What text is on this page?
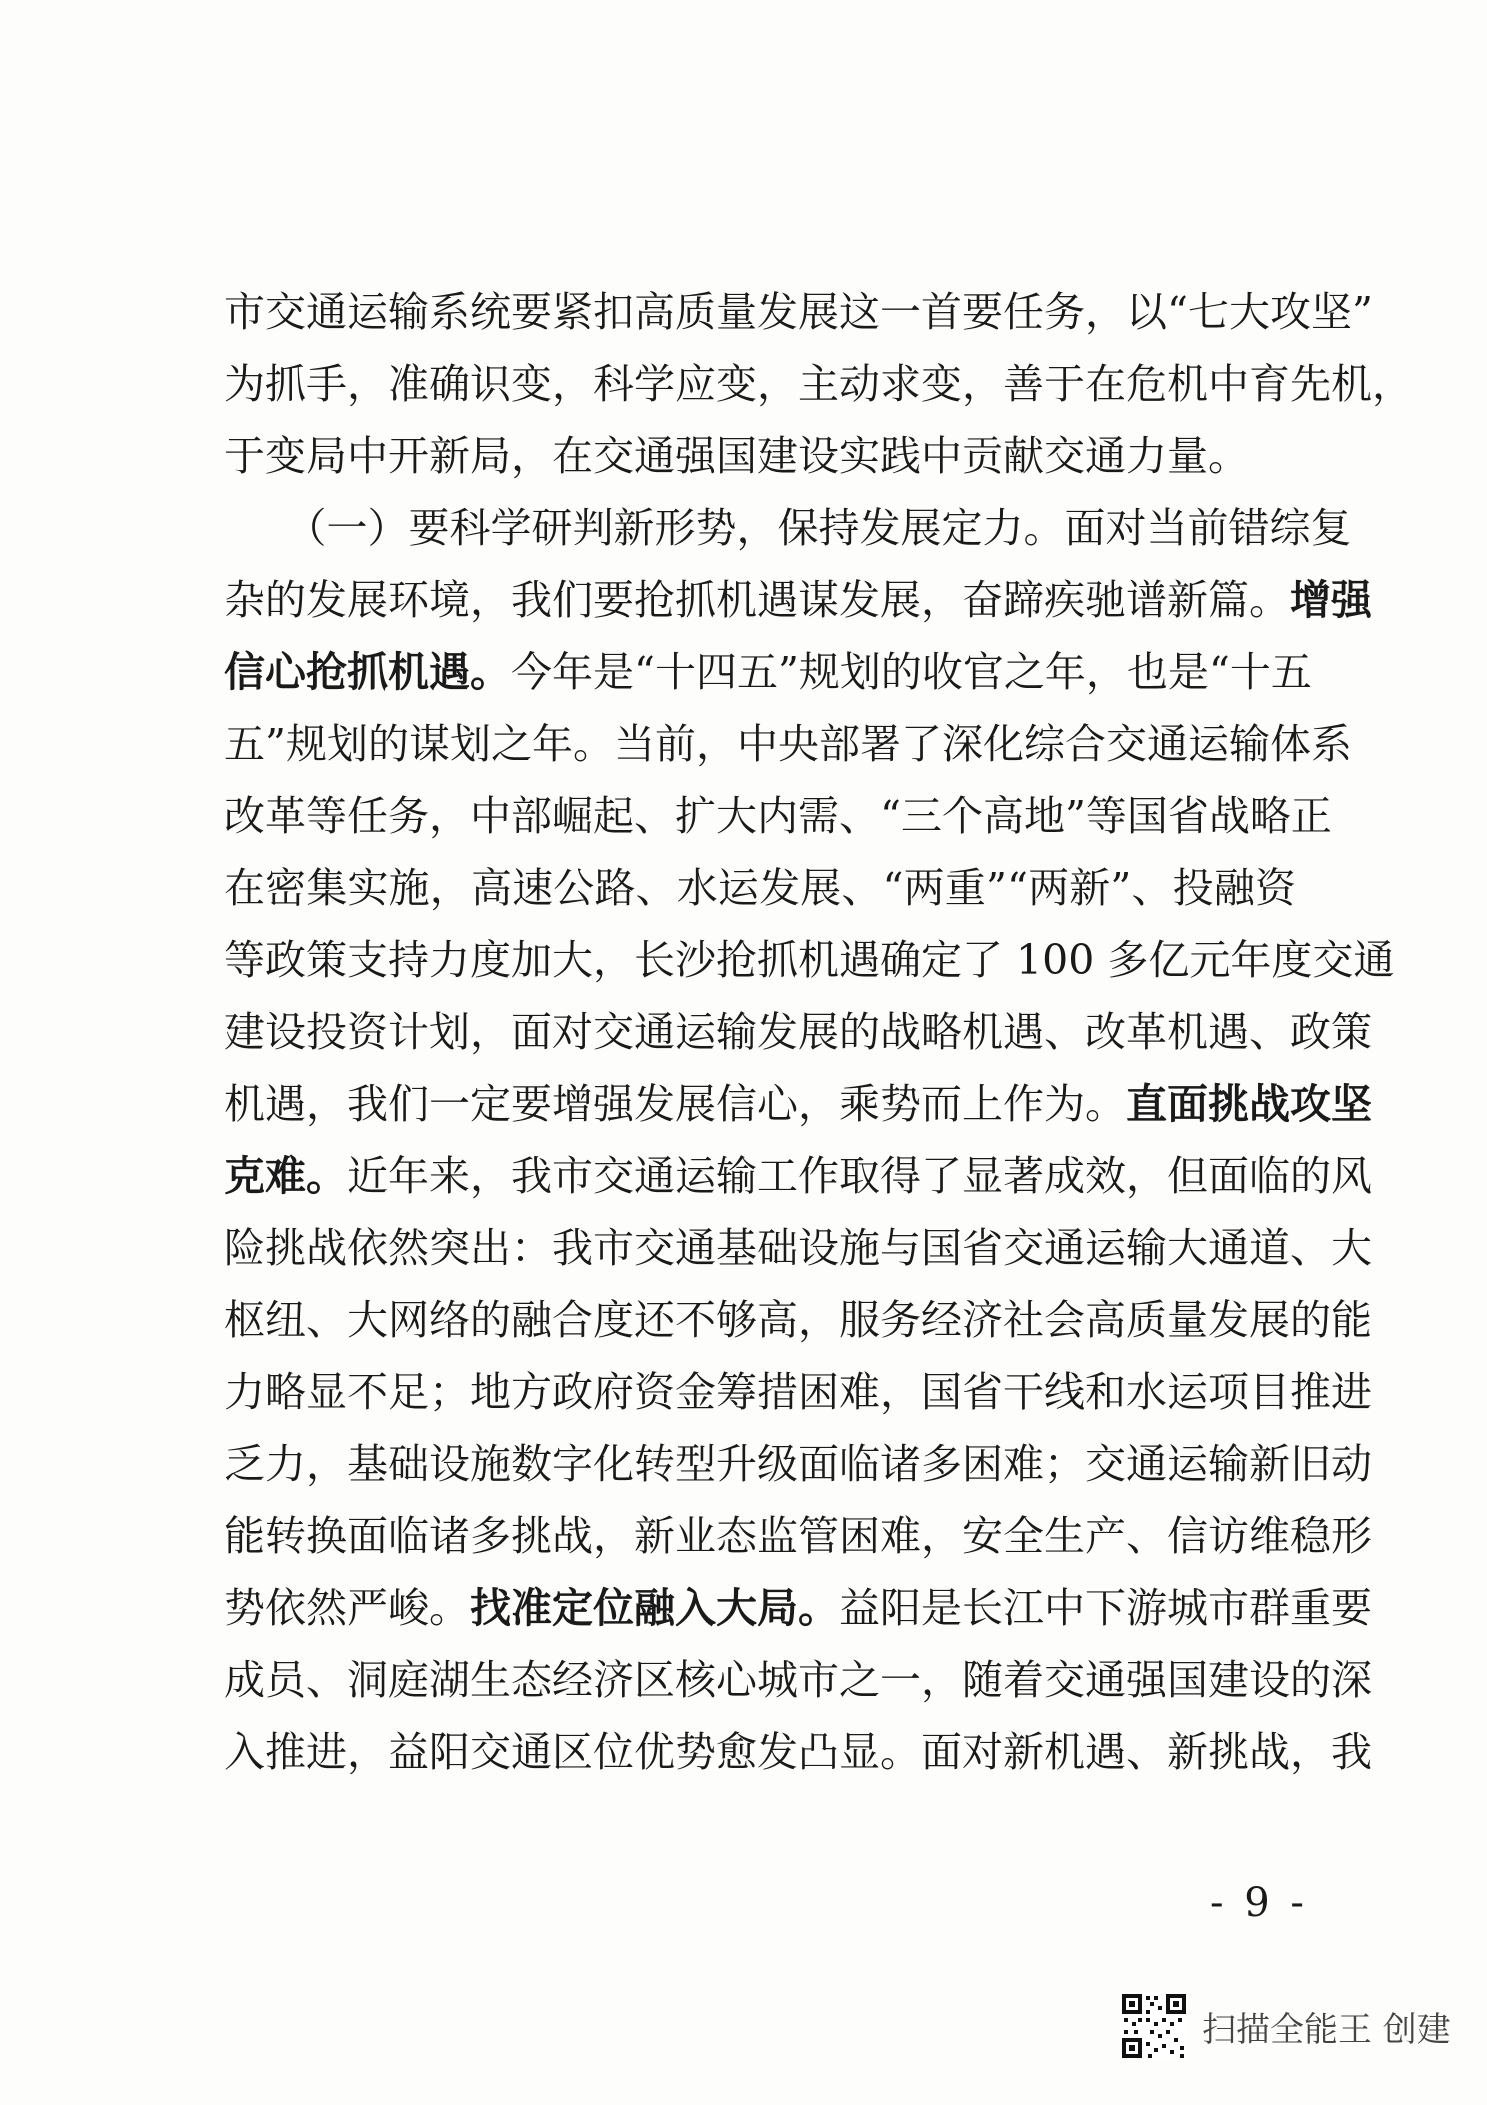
市交通运输系统要紧扣高质量发展这一首要任务，以“七大攻坚”
为抓手，准确识变，科学应变，主动求变，善于在危机中育先机，
于变局中开新局，在交通强国建设实践中贡献交通力量。
　　（一）要科学研判新形势，保持发展定力。面对当前错综复
杂的发展环境，我们要抢抓机遇谋发展，奋蹄疾驰谱新篇。增强
信心抢抓机遇。今年是“十四五”规划的收官之年，也是“十五
五”规划的谋划之年。当前，中央部署了深化综合交通运输体系
改革等任务，中部崛起、扩大内需、“三个高地”等国省战略正
在密集实施，高速公路、水运发展、“两重”“两新”、投融资
等政策支持力度加大，长沙抢抓机遇确定了 100 多亿元年度交通
建设投资计划，面对交通运输发展的战略机遇、改革机遇、政策
机遇，我们一定要增强发展信心，乘势而上作为。直面挑战攻坚
克难。近年来，我市交通运输工作取得了显著成效，但面临的风
险挑战依然突出：我市交通基础设施与国省交通运输大通道、大
枢纽、大网络的融合度还不够高，服务经济社会高质量发展的能
力略显不足；地方政府资金筹措困难，国省干线和水运项目推进
乏力，基础设施数字化转型升级面临诸多困难；交通运输新旧动
能转换面临诸多挑战，新业态监管困难，安全生产、信访维稳形
势依然严峻。找准定位融入大局。益阳是长江中下游城市群重要
成员、洞庭湖生态经济区核心城市之一，随着交通强国建设的深
入推进，益阳交通区位优势愈发凸显。面对新机遇、新挑战，我
- 9 -
扫描全能王 创建
